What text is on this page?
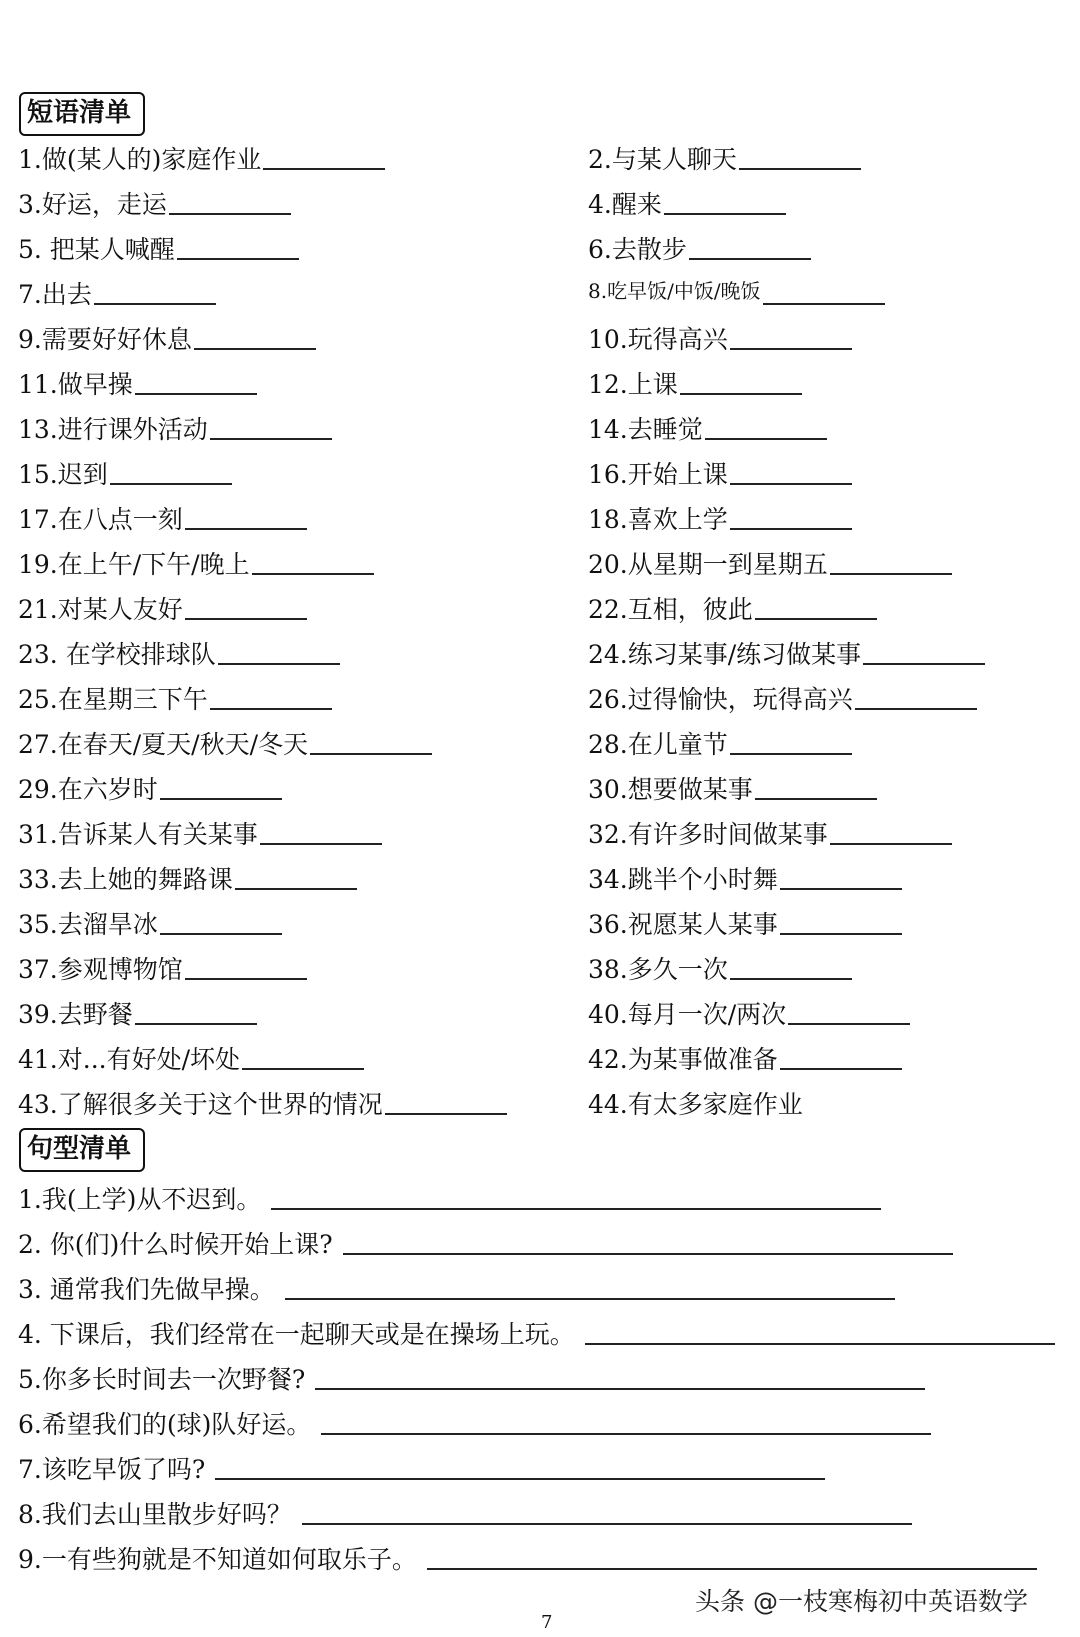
短语清单
1.做(某人的)家庭作业
3.好运，走运
5. 把某人喊醒
7.出去
9.需要好好休息
11.做早操
13.进行课外活动
15.迟到
17.在八点一刻
19.在上午/下午/晚上
21.对某人友好
23. 在学校排球队
25.在星期三下午
27.在春天/夏天/秋天/冬天
29.在六岁时
31.告诉某人有关某事
33.去上她的舞路课
35.去溜旱冰
37.参观博物馆
39.去野餐
41.对...有好处/坏处
43.了解很多关于这个世界的情况
2.与某人聊天
4.醒来
6.去散步
8.吃早饭/中饭/晚饭
10.玩得高兴
12.上课
14.去睡觉
16.开始上课
18.喜欢上学
20.从星期一到星期五
22.互相，彼此
24.练习某事/练习做某事
26.过得愉快，玩得高兴
28.在儿童节
30.想要做某事
32.有许多时间做某事
34.跳半个小时舞
36.祝愿某人某事
38.多久一次
40.每月一次/两次
42.为某事做准备
44.有太多家庭作业
句型清单
1.我(上学)从不迟到。
2. 你(们)什么时候开始上课?
3. 通常我们先做早操。
4. 下课后，我们经常在一起聊天或是在操场上玩。
5.你多长时间去一次野餐?
6.希望我们的(球)队好运。
7.该吃早饭了吗?
8.我们去山里散步好吗？
9.一有些狗就是不知道如何取乐子。
头条 @一枝寒梅初中英语数学
7
